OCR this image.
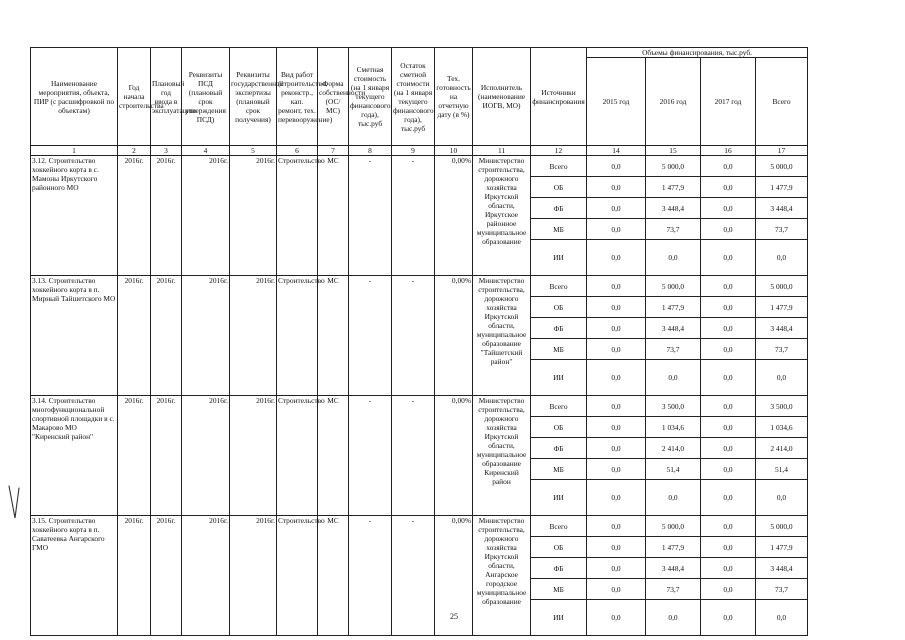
Наименование мероприятия, объекта, ПИР (с расшифровкой по объектам)	Год начала строительства	Плановый год ввода в эксплуатацию	Реквизиты ПСД (плановый срок утверждения ПСД)	Реквизиты государственной экспертизы (плановый срок получения)	Вид работ (строительство, реконстр., кап. ремонт, тех. перевооружение)	Форма собственности (ОС/МС)	Сметная стоимость (на 1 января текущего финансового года), тыс.руб	Остаток сметной стоимости (на 1 января текущего финансового года), тыс.руб	Тех. готовность на отчетную дату (в %)	Исполнитель (наименование ИОГВ, МО)	Источники финансирования	Объемы финансирования, тыс.руб.			
												2015 год	2016 год	2017 год	Всего
1	2	3	4	5	6	7	8	9	10	11	12	14	15	16	17
3.12. Строительство хоккейного корта в с. Мамоны Иркутского районного МО	2016г.	2016г.	2016г.	2016г.	Строительство	МС	-	-	0,00%	Министерство строительства, дорожного хозяйства Иркутской области, Иркутское районное муниципальное образование	Всего	0,0	5 000,0	0,0	5 000,0
											ОБ	0,0	1 477,9	0,0	1 477,9
											ФБ	0,0	3 448,4	0,0	3 448,4
											МБ	0,0	73,7	0,0	73,7
											ИИ	0,0	0,0	0,0	0,0
3.13. Строительство хоккейного корта в п. Мирный Тайшетского МО	2016г.	2016г.	2016г.	2016г.	Строительство	МС	-	-	0,00%	Министерство строительства, дорожного хозяйства Иркутской области, муниципальное образование "Тайшетский район"	Всего	0,0	5 000,0	0,0	5 000,0
											ОБ	0,0	1 477,9	0,0	1 477,9
											ФБ	0,0	3 448,4	0,0	3 448,4
											МБ	0,0	73,7	0,0	73,7
											ИИ	0,0	0,0	0,0	0,0
3.14. Строительство многофункциональной спортивной площадки в с. Макарово МО "Киренский район"	2016г.	2016г.	2016г.	2016г.	Строительство	МС	-	-	0,00%	Министерство строительства, дорожного хозяйства Иркутской области, муниципальное образование Киренский район	Всего	0,0	3 500,0	0,0	3 500,0
											ОБ	0,0	1 034,6	0,0	1 034,6
											ФБ	0,0	2 414,0	0,0	2 414,0
											МБ	0,0	51,4	0,0	51,4
											ИИ	0,0	0,0	0,0	0,0
3.15. Строительство хоккейного корта в п. Саватеевка Ангарского ГМО	2016г.	2016г.	2016г.	2016г.	Строительство	МС	-	-	0,00%	Министерство строительства, дорожного хозяйства Иркутской области, Ангарское городское муниципальное образование	Всего	0,0	5 000,0	0,0	5 000,0
											ОБ	0,0	1 477,9	0,0	1 477,9
											ФБ	0,0	3 448,4	0,0	3 448,4
											МБ	0,0	73,7	0,0	73,7
											ИИ	0,0	0,0	0,0	0,0
25
